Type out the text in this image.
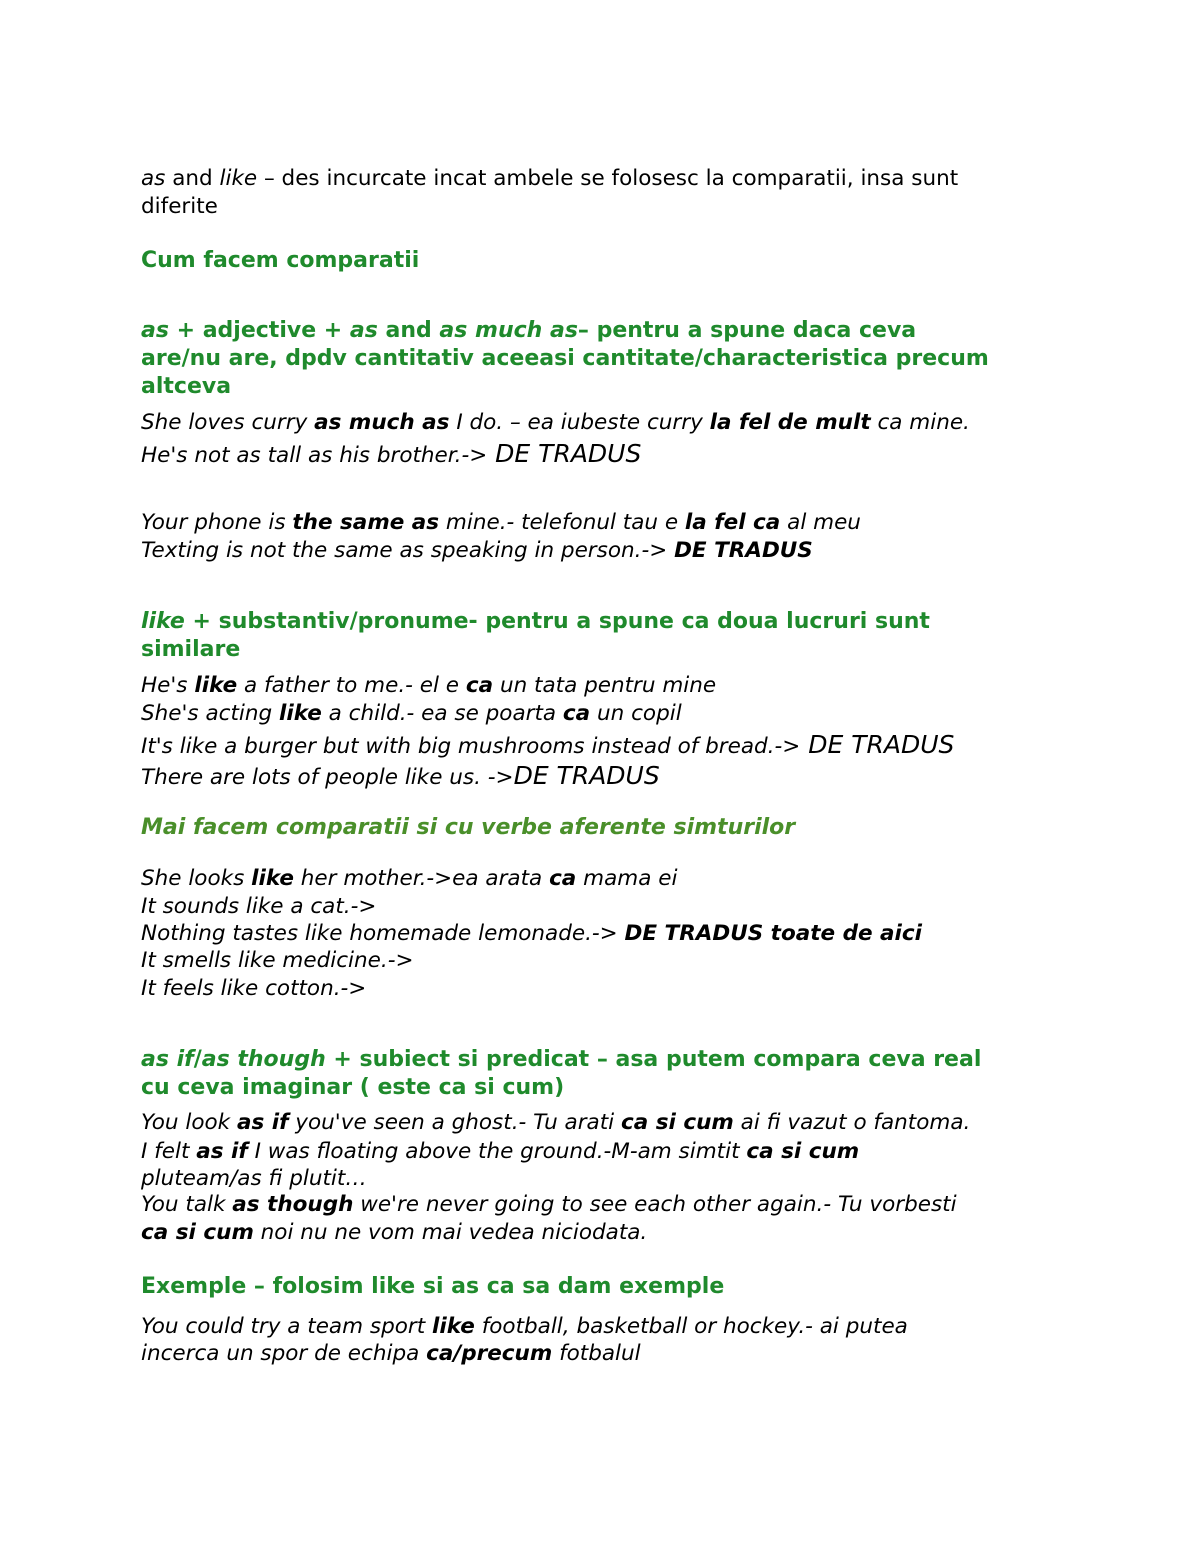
as and like – des incurcate incat ambele se folosesc la comparatii, insa sunt

diferite

Cum facem comparatii

as + adjective + as and as much as– pentru a spune daca ceva

are/nu are, dpdv cantitativ aceeasi cantitate/characteristica precum

altceva

She loves curry as much as I do. – ea iubeste curry la fel de mult ca mine.

He's not as tall as his brother.-> DE TRADUS

Your phone is the same as mine.- telefonul tau e la fel ca al meu

Texting is not the same as speaking in person.-> DE TRADUS

like + substantiv/pronume- pentru a spune ca doua lucruri sunt

similare

He's like a father to me.- el e ca un tata pentru mine

She's acting like a child.- ea se poarta ca un copil

It's like a burger but with big mushrooms instead of bread.-> DE TRADUS

There are lots of people like us. ->DE TRADUS

Mai facem comparatii si cu verbe aferente simturilor

She looks like her mother.->ea arata ca mama ei

It sounds like a cat.->

Nothing tastes like homemade lemonade.-> DE TRADUS toate de aici

It smells like medicine.->

It feels like cotton.->

as if/as though + subiect si predicat – asa putem compara ceva real

cu ceva imaginar ( este ca si cum)

You look as if you've seen a ghost.- Tu arati ca si cum ai fi vazut o fantoma.

I felt as if I was floating above the ground.-M-am simtit ca si cum

pluteam/as fi plutit…

You talk as though we're never going to see each other again.- Tu vorbesti

ca si cum noi nu ne vom mai vedea niciodata.

Exemple – folosim like si as ca sa dam exemple

You could try a team sport like football, basketball or hockey.- ai putea

incerca un spor de echipa ca/precum fotbalul
